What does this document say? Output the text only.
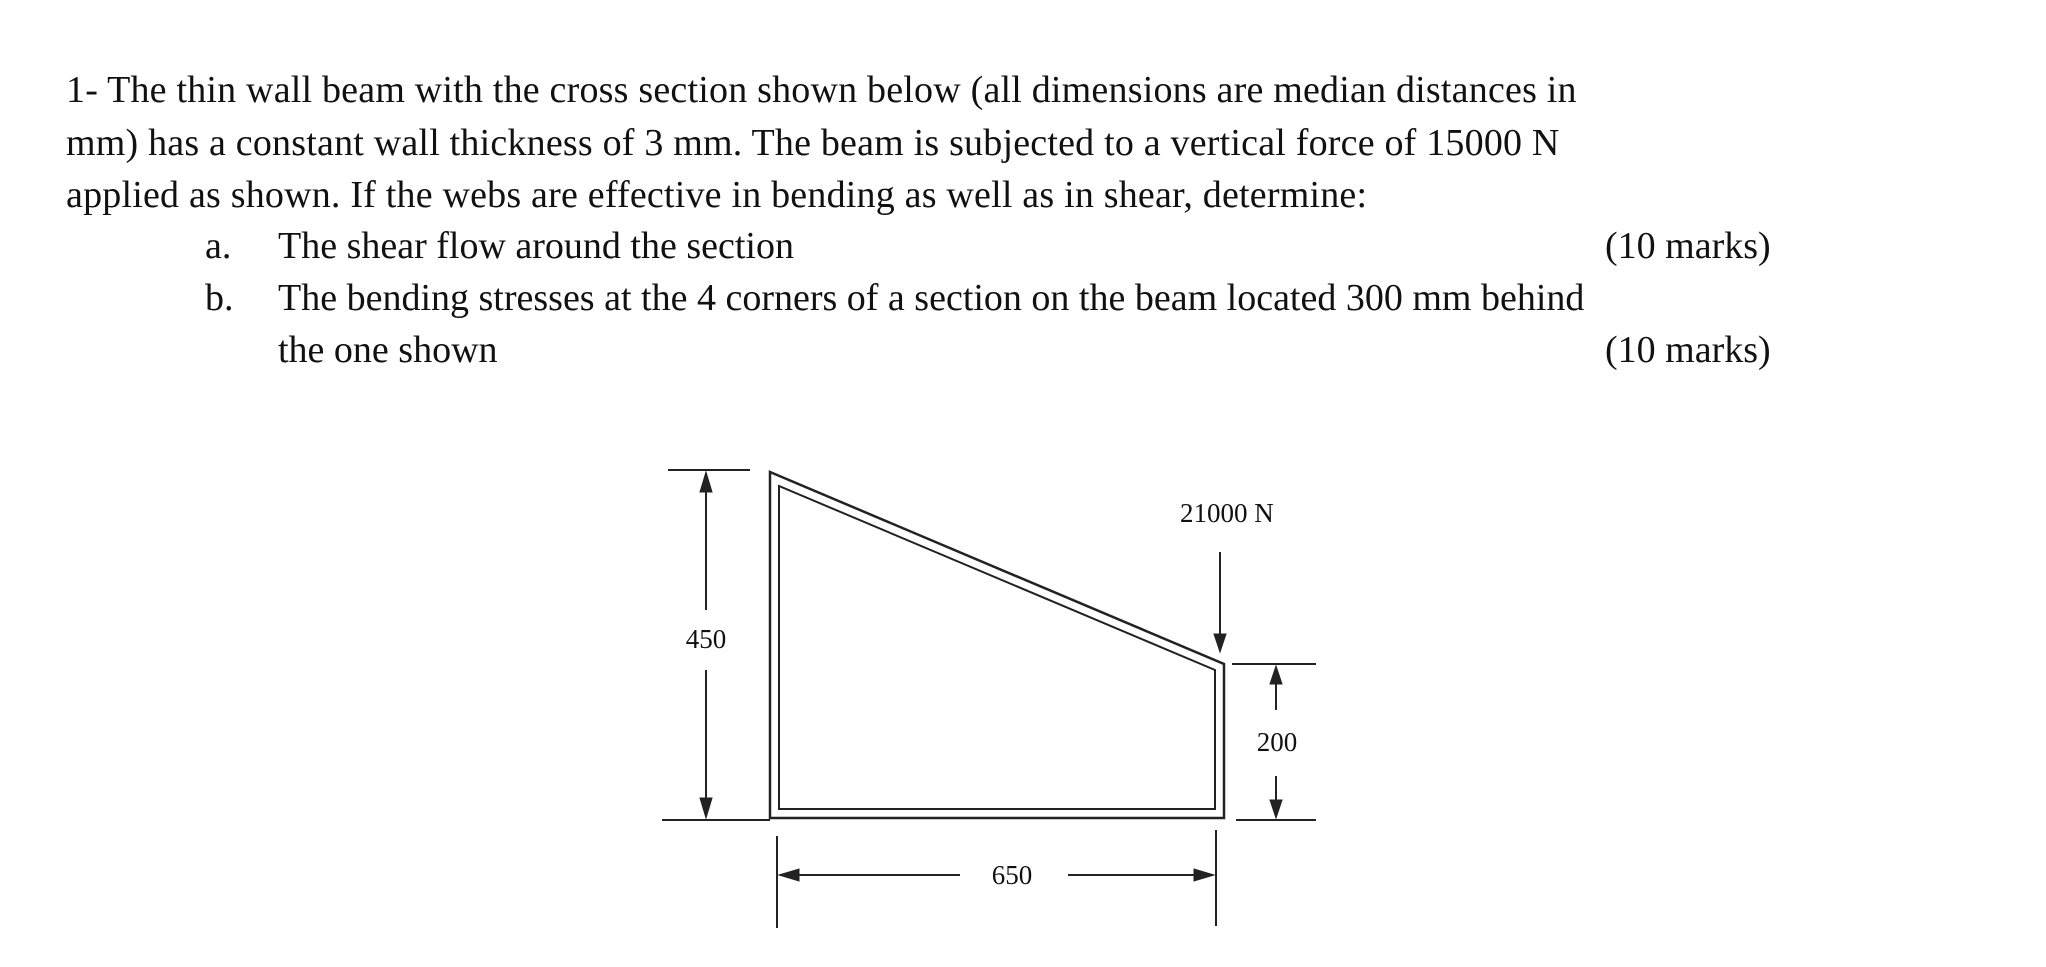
1- The thin wall beam with the cross section shown below (all dimensions are median distances in
mm) has a constant wall thickness of 3 mm. The beam is subjected to a vertical force of 15000 N
applied as shown. If the webs are effective in bending as well as in shear, determine:
a. The shear flow around the section	(10 marks)
b. The bending stresses at the 4 corners of a section on the beam located 300 mm behind
the one shown	(10 marks)
450
200
650
21000 N
